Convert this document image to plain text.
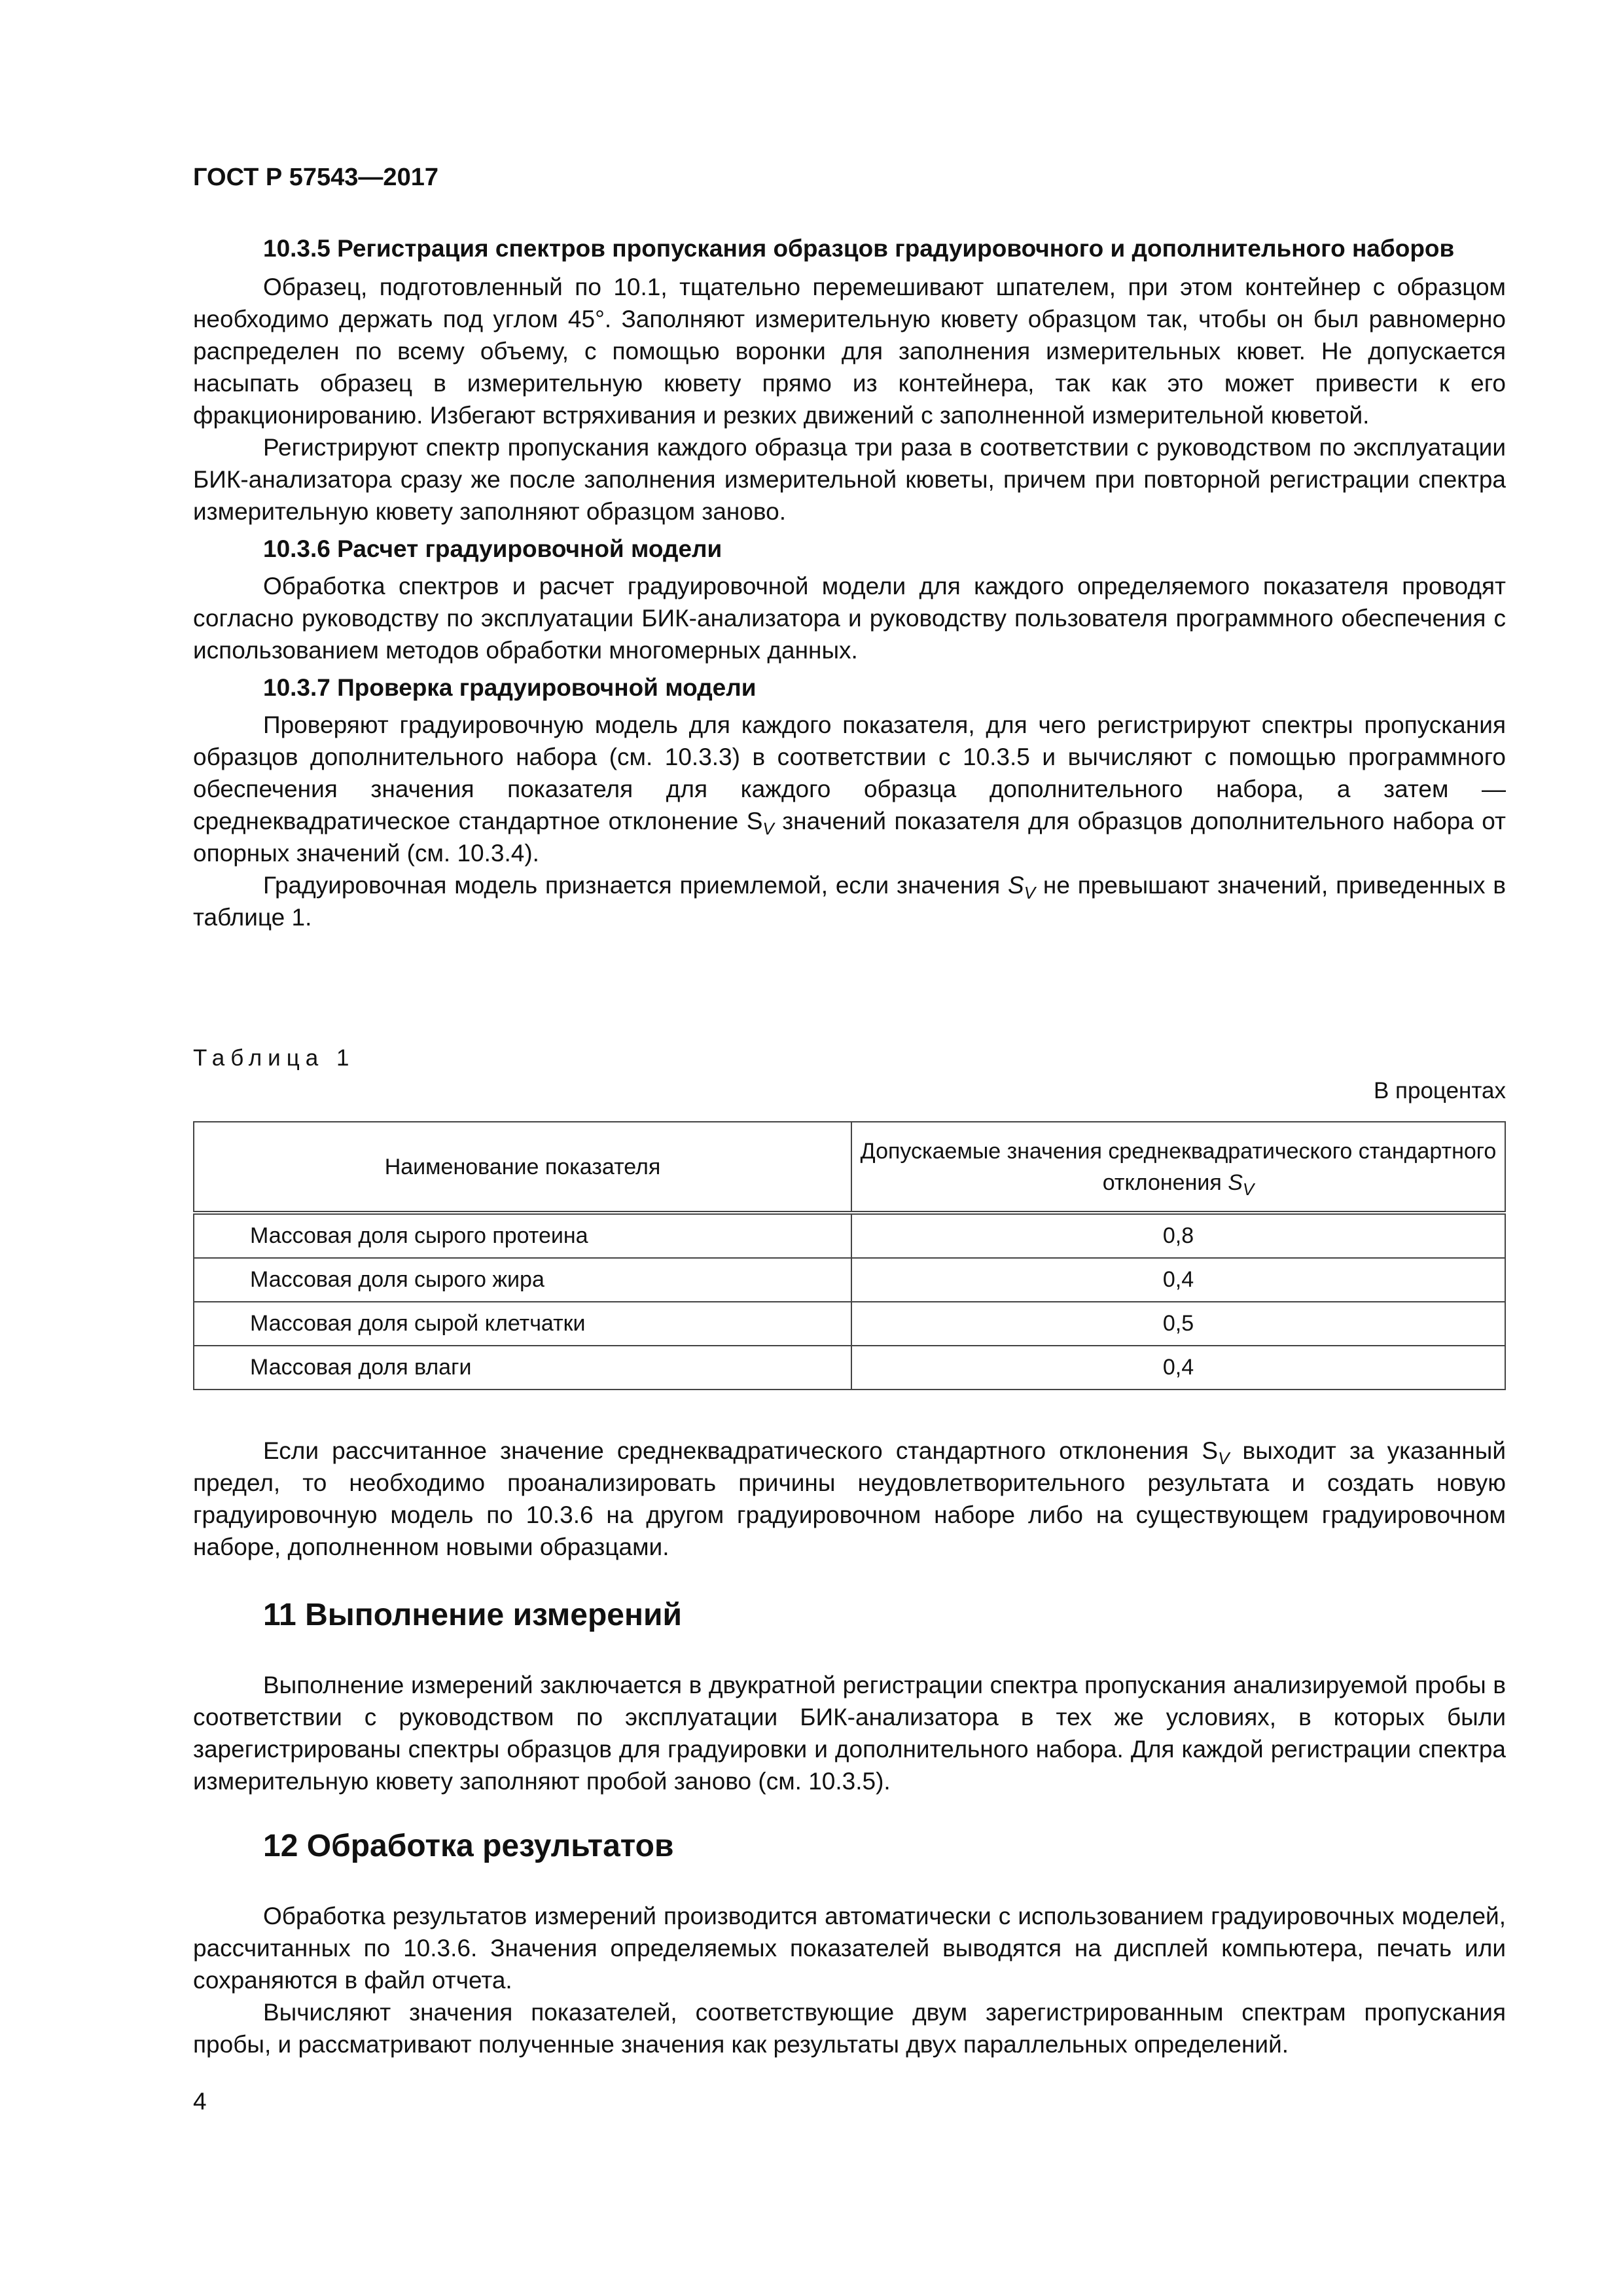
ГОСТ Р 57543—2017

10.3.5 Регистрация спектров пропускания образцов градуировочного и дополнительного наборов

Образец, подготовленный по 10.1, тщательно перемешивают шпателем, при этом контейнер с образцом необходимо держать под углом 45°. Заполняют измерительную кювету образцом так, чтобы он был равномерно распределен по всему объему, с помощью воронки для заполнения измерительных кювет. Не допускается насыпать образец в измерительную кювету прямо из контейнера, так как это может привести к его фракционированию. Избегают встряхивания и резких движений с заполненной измерительной кюветой.

Регистрируют спектр пропускания каждого образца три раза в соответствии с руководством по эксплуатации БИК-анализатора сразу же после заполнения измерительной кюветы, причем при повторной регистрации спектра измерительную кювету заполняют образцом заново.

10.3.6 Расчет градуировочной модели

Обработка спектров и расчет градуировочной модели для каждого определяемого показателя проводят согласно руководству по эксплуатации БИК-анализатора и руководству пользователя программного обеспечения с использованием методов обработки многомерных данных.

10.3.7 Проверка градуировочной модели

Проверяют градуировочную модель для каждого показателя, для чего регистрируют спектры пропускания образцов дополнительного набора (см. 10.3.3) в соответствии с 10.3.5 и вычисляют с помощью программного обеспечения значения показателя для каждого образца дополнительного набора, а затем — среднеквадратическое стандартное отклонение $S_V$ значений показателя для образцов дополнительного набора от опорных значений (см. 10.3.4).

Градуировочная модель признается приемлемой, если значения $S_V$ не превышают значений, приведенных в таблице 1.

Таблица 1
В процентах
Наименование показателя	Допускаемые значения среднеквадратического стандартного отклонения $S_V$
Массовая доля сырого протеина	0,8
Массовая доля сырого жира	0,4
Массовая доля сырой клетчатки	0,5
Массовая доля влаги	0,4

Если рассчитанное значение среднеквадратического стандартного отклонения $S_V$ выходит за указанный предел, то необходимо проанализировать причины неудовлетворительного результата и создать новую градуировочную модель по 10.3.6 на другом градуировочном наборе либо на существующем градуировочном наборе, дополненном новыми образцами.

11 Выполнение измерений

Выполнение измерений заключается в двукратной регистрации спектра пропускания анализируемой пробы в соответствии с руководством по эксплуатации БИК-анализатора в тех же условиях, в которых были зарегистрированы спектры образцов для градуировки и дополнительного набора. Для каждой регистрации спектра измерительную кювету заполняют пробой заново (см. 10.3.5).

12 Обработка результатов

Обработка результатов измерений производится автоматически с использованием градуировочных моделей, рассчитанных по 10.3.6. Значения определяемых показателей выводятся на дисплей компьютера, печать или сохраняются в файл отчета.

Вычисляют значения показателей, соответствующие двум зарегистрированным спектрам пропускания пробы, и рассматривают полученные значения как результаты двух параллельных определений.

4
